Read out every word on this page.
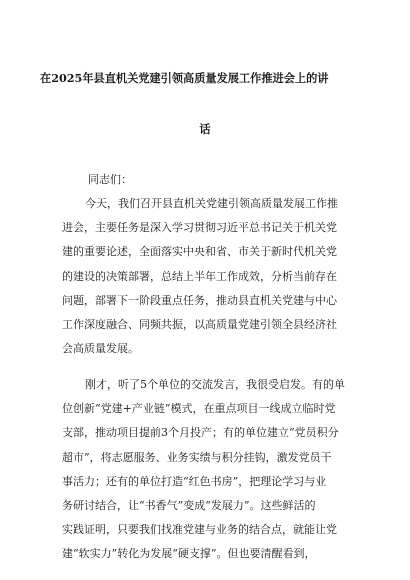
在2025年县直机关党建引领高质量发展工作推进会上的讲
话
同志们：
今天，我们召开县直机关党建引领高质量发展工作推
进会，主要任务是深入学习贯彻习近平总书记关于机关党
建的重要论述，全面落实中央和省、市关于新时代机关党
的建设的决策部署，总结上半年工作成效，分析当前存在
问题，部署下一阶段重点任务，推动县直机关党建与中心
工作深度融合、同频共振，以高质量党建引领全县经济社
会高质量发展。
刚才，听了5个单位的交流发言，我很受启发。有的单
位创新“党建+产业链”模式，在重点项目一线成立临时党
支部，推动项目提前3个月投产；有的单位建立“党员积分
超市”，将志愿服务、业务实绩与积分挂钩，激发党员干
事活力；还有的单位打造“红色书房”，把理论学习与业
务研讨结合，让“书香气”变成“发展力”。这些鲜活的
实践证明，只要我们找准党建与业务的结合点，就能让党
建“软实力”转化为发展“硬支撑”。但也要清醒看到，
